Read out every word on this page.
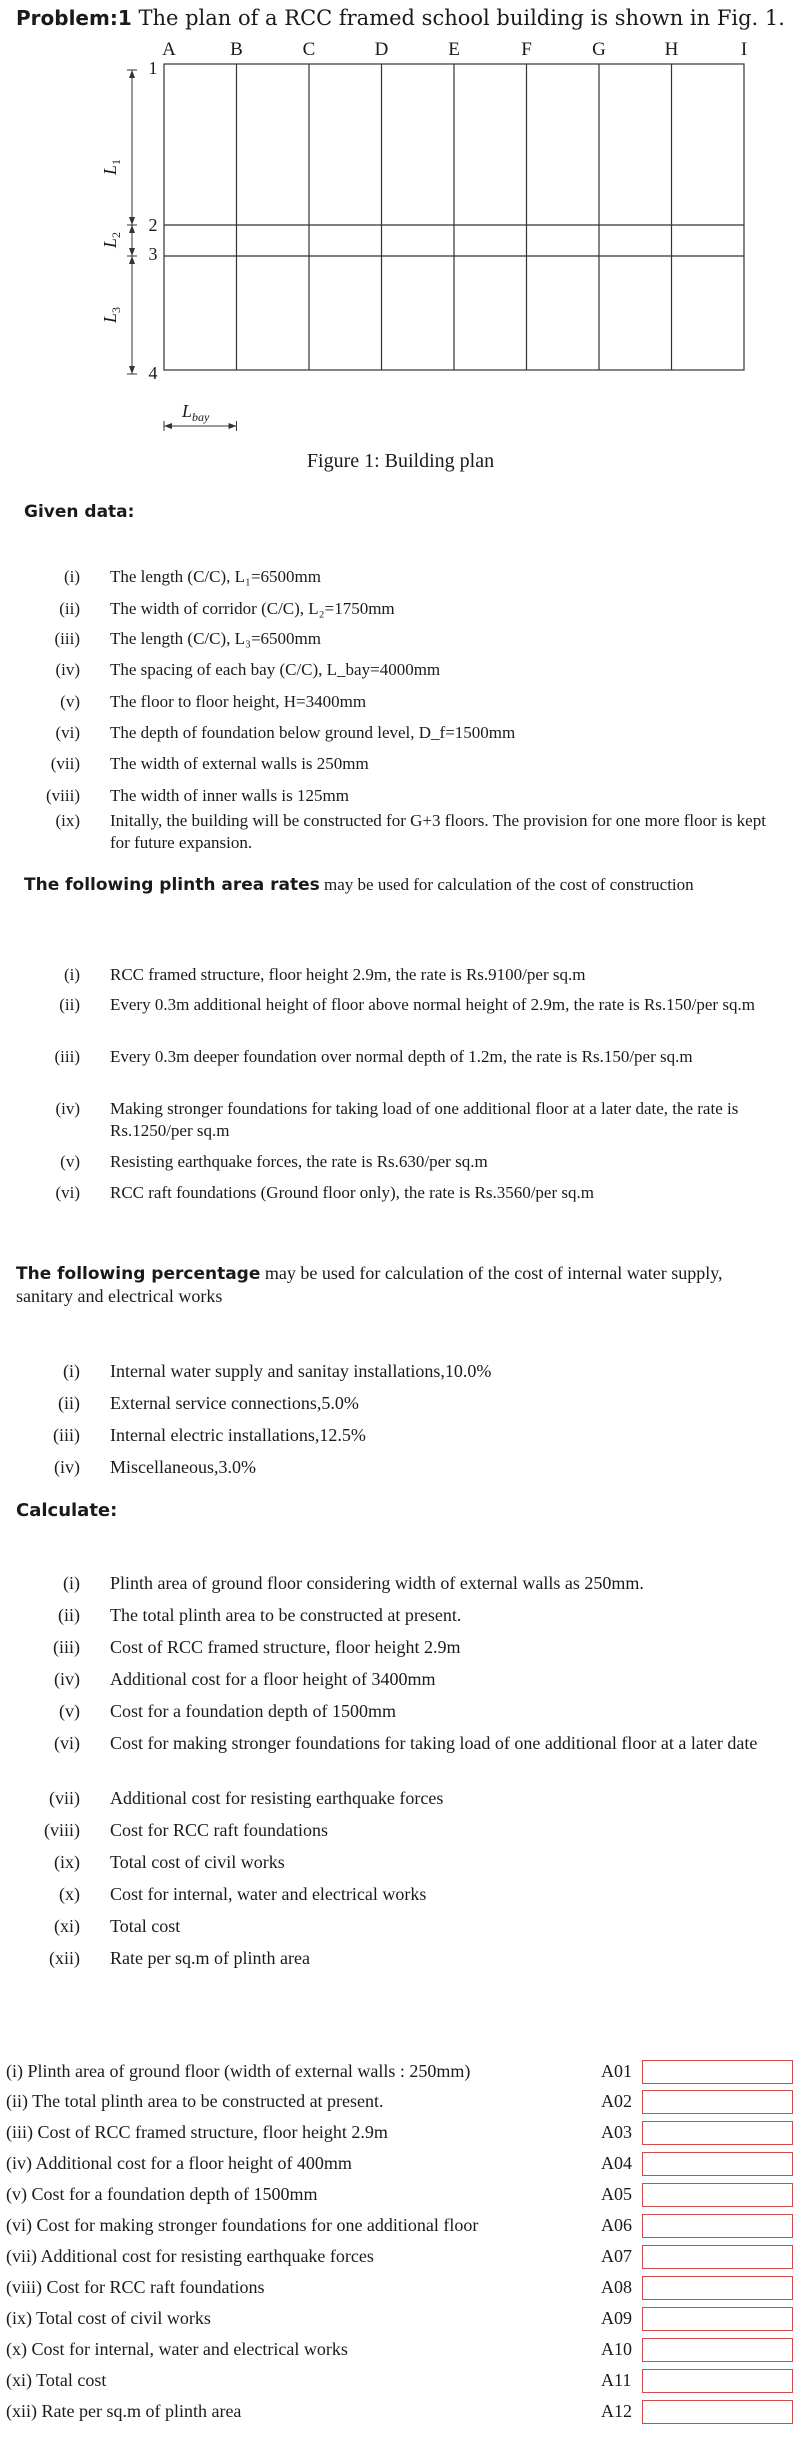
Problem:1 The plan of a RCC framed school building is shown in Fig. 1.
A	B	C	D	E	F	G	H	I
1
2
3
4
$L_1$
$L_2$
$L_3$
$L_{bay}$
Figure 1: Building plan
Given data:
(i) The length (C/C), L₁=6500mm
(ii) The width of corridor (C/C), L₂=1750mm
(iii) The length (C/C), L₃=6500mm
(iv) The spacing of each bay (C/C), L_bay=4000mm
(v) The floor to floor height, H=3400mm
(vi) The depth of foundation below ground level, D_f=1500mm
(vii) The width of external walls is 250mm
(viii) The width of inner walls is 125mm
(ix) Initally, the building will be constructed for G+3 floors. The provision for one more floor is kept for future expansion.
The following plinth area rates may be used for calculation of the cost of construction
(i) RCC framed structure, floor height 2.9m, the rate is Rs.9100/per sq.m
(ii) Every 0.3m additional height of floor above normal height of 2.9m, the rate is Rs.150/per sq.m
(iii) Every 0.3m deeper foundation over normal depth of 1.2m, the rate is Rs.150/per sq.m
(iv) Making stronger foundations for taking load of one additional floor at a later date, the rate is Rs.1250/per sq.m
(v) Resisting earthquake forces, the rate is Rs.630/per sq.m
(vi) RCC raft foundations (Ground floor only), the rate is Rs.3560/per sq.m
The following percentage may be used for calculation of the cost of internal water supply, sanitary and electrical works
(i) Internal water supply and sanitay installations,10.0%
(ii) External service connections,5.0%
(iii) Internal electric installations,12.5%
(iv) Miscellaneous,3.0%
Calculate:
(i) Plinth area of ground floor considering width of external walls as 250mm.
(ii) The total plinth area to be constructed at present.
(iii) Cost of RCC framed structure, floor height 2.9m
(iv) Additional cost for a floor height of 3400mm
(v) Cost for a foundation depth of 1500mm
(vi) Cost for making stronger foundations for taking load of one additional floor at a later date
(vii) Additional cost for resisting earthquake forces
(viii) Cost for RCC raft foundations
(ix) Total cost of civil works
(x) Cost for internal, water and electrical works
(xi) Total cost
(xii) Rate per sq.m of plinth area
(i) Plinth area of ground floor (width of external walls : 250mm)	A01
(ii) The total plinth area to be constructed at present.	A02
(iii) Cost of RCC framed structure, floor height 2.9m	A03
(iv) Additional cost for a floor height of 400mm	A04
(v) Cost for a foundation depth of 1500mm	A05
(vi) Cost for making stronger foundations for one additional floor	A06
(vii) Additional cost for resisting earthquake forces	A07
(viii) Cost for RCC raft foundations	A08
(ix) Total cost of civil works	A09
(x) Cost for internal, water and electrical works	A10
(xi) Total cost	A11
(xii) Rate per sq.m of plinth area	A12
